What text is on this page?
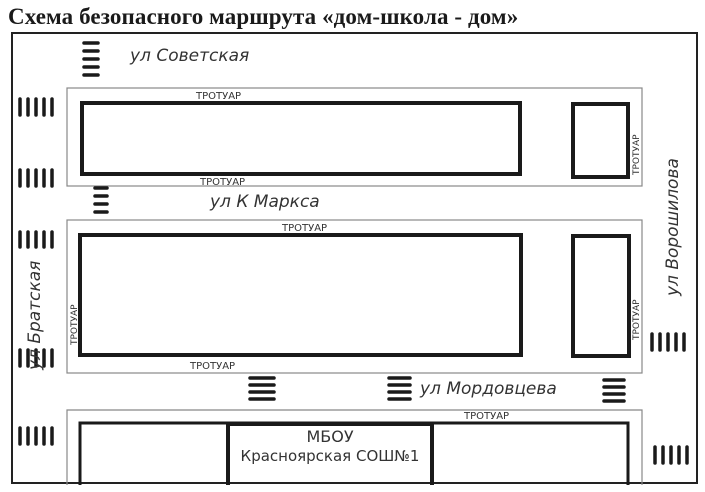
Схема безопасного маршрута «дом-школа - дом»
ул Советская
ул К Маркса
ул Мордовцева
ул Ворошилова
ул Братская
ТРОТУАР
ТРОТУАР
ТРОТУАР
ТРОТУАР
ТРОТУАР
ТРОТУАР
ТРОТУАР
ТРОТУАР
МБОУ
Красноярская СОШ№1
